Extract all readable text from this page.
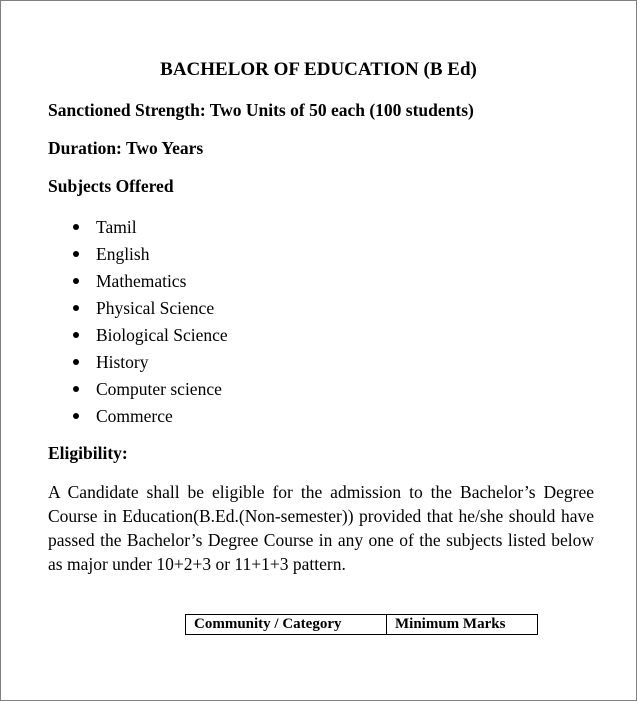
BACHELOR OF EDUCATION (B Ed)
Sanctioned Strength: Two Units of 50 each (100 students)
Duration: Two Years
Subjects Offered
Tamil
English
Mathematics
Physical Science
Biological Science
History
Computer science
Commerce
Eligibility:

A Candidate shall be eligible for the admission to the Bachelor’s Degree Course in Education(B.Ed.(Non-semester)) provided that he/she should have passed the Bachelor’s Degree Course in any one of the subjects listed below as major under 10+2+3 or 11+1+3 pattern.

Community / Category	Minimum Marks
